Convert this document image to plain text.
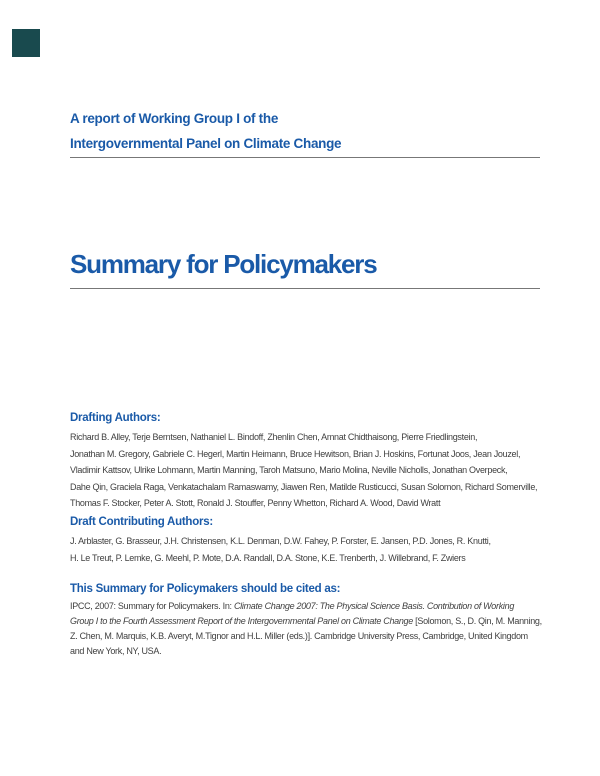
A report of Working Group I of the
Intergovernmental Panel on Climate Change
Summary for Policymakers
Drafting Authors:
Richard B. Alley, Terje Berntsen, Nathaniel L. Bindoff, Zhenlin Chen, Amnat Chidthaisong, Pierre Friedlingstein,
Jonathan M. Gregory, Gabriele C. Hegerl, Martin Heimann, Bruce Hewitson, Brian J. Hoskins, Fortunat Joos, Jean Jouzel,
Vladimir Kattsov, Ulrike Lohmann, Martin Manning, Taroh Matsuno, Mario Molina, Neville Nicholls, Jonathan Overpeck,
Dahe Qin, Graciela Raga, Venkatachalam Ramaswamy, Jiawen Ren, Matilde Rusticucci, Susan Solomon, Richard Somerville,
Thomas F. Stocker, Peter A. Stott, Ronald J. Stouffer, Penny Whetton, Richard A. Wood, David Wratt
Draft Contributing Authors:
J. Arblaster, G. Brasseur, J.H. Christensen, K.L. Denman, D.W. Fahey, P. Forster, E. Jansen, P.D. Jones, R. Knutti,
H. Le Treut, P. Lemke, G. Meehl, P. Mote, D.A. Randall, D.A. Stone, K.E. Trenberth, J. Willebrand, F. Zwiers
This Summary for Policymakers should be cited as:
IPCC, 2007: Summary for Policymakers. In: Climate Change 2007: The Physical Science Basis. Contribution of Working
Group I to the Fourth Assessment Report of the Intergovernmental Panel on Climate Change [Solomon, S., D. Qin, M. Manning,
Z. Chen, M. Marquis, K.B. Averyt, M.Tignor and H.L. Miller (eds.)]. Cambridge University Press, Cambridge, United Kingdom
and New York, NY, USA.
